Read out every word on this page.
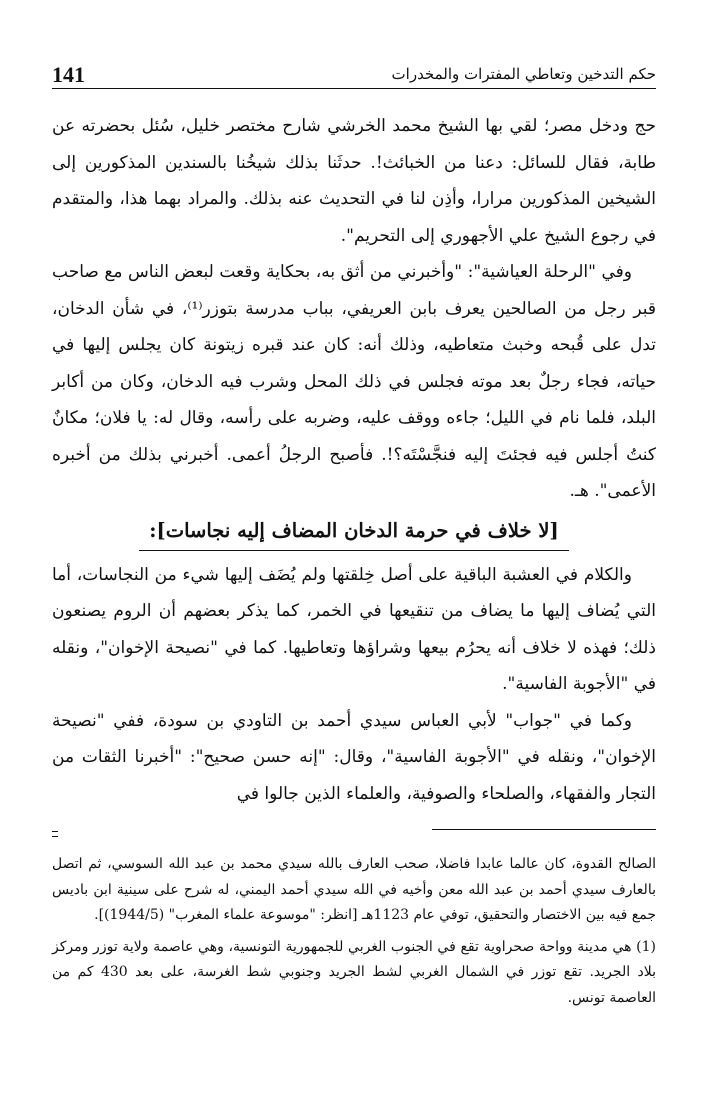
141	حكم التدخين وتعاطي المفترات والمخدرات

حج ودخل مصر؛ لقي بها الشيخ محمد الخرشي شارح مختصر خليل، سُئل بحضرته عن طابة، فقال للسائل: دعنا من الخبائث!. حدثَنا بذلك شيخُنا بالسندين المذكورين إلى الشيخين المذكورين مرارا، وأذِن لنا في التحديث عنه بذلك. والمراد بهما هذا، والمتقدم في رجوع الشيخ علي الأجهوري إلى التحريم".

وفي "الرحلة العياشية": "وأخبرني من أثق به، بحكاية وقعت لبعض الناس مع صاحب قبر رجل من الصالحين يعرف بابن العريفي، بباب مدرسة بتوزر⁽¹⁾، في شأن الدخان، تدل على قُبحه وخبث متعاطيه، وذلك أنه: كان عند قبره زيتونة كان يجلس إليها في حياته، فجاء رجلٌ بعد موته فجلس في ذلك المحل وشرب فيه الدخان، وكان من أكابر البلد، فلما نام في الليل؛ جاءه ووقف عليه، وضربه على رأسه، وقال له: يا فلان؛ مكانٌ كنتُ أجلس فيه فجئتَ إليه فنجَّسْتَه؟!. فأصبح الرجلُ أعمى. أخبرني بذلك من أخبره الأعمى". هـ.

[لا خلاف في حرمة الدخان المضاف إليه نجاسات]:

والكلام في العشبة الباقية على أصل خِلقتها ولم يُضَف إليها شيء من النجاسات، أما التي يُضاف إليها ما يضاف من تنقيعها في الخمر، كما يذكر بعضهم أن الروم يصنعون ذلك؛ فهذه لا خلاف أنه يحرُم بيعها وشراؤها وتعاطيها. كما في "نصيحة الإخوان"، ونقله في "الأجوبة الفاسية".

وكما في "جواب" لأبي العباس سيدي أحمد بن التاودي بن سودة، ففي "نصيحة الإخوان"، ونقله في "الأجوبة الفاسية"، وقال: "إنه حسن صحيح": "أخبرنا الثقات من التجار والفقهاء، والصلحاء والصوفية، والعلماء الذين جالوا في

الصالح القدوة، كان عالما عابدا فاضلا، صحب العارف بالله سيدي محمد بن عبد الله السوسي، ثم اتصل بالعارف سيدي أحمد بن عبد الله معن وأخيه في الله سيدي أحمد اليمني، له شرح على سينية ابن باديس جمع فيه بين الاختصار والتحقيق، توفي عام 1123هـ [انظر: "موسوعة علماء المغرب" (1944/5)].

(1) هي مدينة وواحة صحراوية تقع في الجنوب الغربي للجمهورية التونسية، وهي عاصمة ولاية توزر ومركز بلاد الجريد. تقع توزر في الشمال الغربي لشط الجريد وجنوبي شط الغرسة، على بعد 430 كم من العاصمة تونس.
